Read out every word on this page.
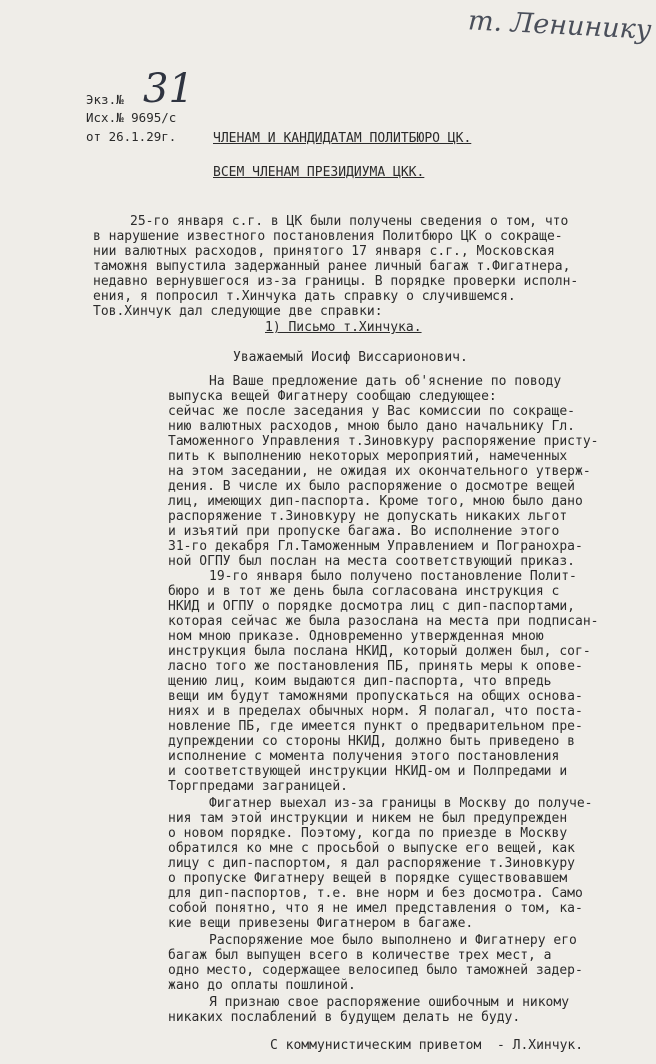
т. Ленинику
Экз.№ 31
Исх.№ 9695/с
от 26.1.29г.	ЧЛЕНАМ И КАНДИДАТАМ ПОЛИТБЮРО ЦК.
ВСЕМ ЧЛЕНАМ ПРЕЗИДИУМА ЦКК.
25-го января с.г. в ЦК были получены сведения о том, что
в нарушение известного постановления Политбюро ЦК о сокраще-
нии валютных расходов, принятого 17 января с.г., Московская
таможня выпустила задержанный ранее личный багаж т.Фигатнера,
недавно вернувшегося из-за границы. В порядке проверки исполн-
ения, я попросил т.Хинчука дать справку о случившемся.
Тов.Хинчук дал следующие две справки:
1) Письмо т.Хинчука.
Уважаемый Иосиф Виссарионович.
На Ваше предложение дать об'яснение по поводу
выпуска вещей Фигатнеру сообщаю следующее:
сейчас же после заседания у Вас комиссии по сокраще-
нию валютных расходов, мною было дано начальнику Гл.
Таможенного Управления т.Зиновкуру распоряжение присту-
пить к выполнению некоторых мероприятий, намеченных
на этом заседании, не ожидая их окончательного утверж-
дения. В числе их было распоряжение о досмотре вещей
лиц, имеющих дип-паспорта. Кроме того, мною было дано
распоряжение т.Зиновкуру не допускать никаких льгот
и изъятий при пропуске багажа. Во исполнение этого
31-го декабря Гл.Таможенным Управлением и Погранохра-
ной ОГПУ был послан на места соответствующий приказ.
19-го января было получено постановление Полит-
бюро и в тот же день была согласована инструкция с
НКИД и ОГПУ о порядке досмотра лиц с дип-паспортами,
которая сейчас же была разослана на места при подписан-
ном мною приказе. Одновременно утвержденная мною
инструкция была послана НКИД, который должен был, сог-
ласно того же постановления ПБ, принять меры к оповe-
щению лиц, коим выдаются дип-паспорта, что впредь
вещи им будут таможнями пропускаться на общих основа-
ниях и в пределах обычных норм. Я полагал, что поста-
новление ПБ, где имеется пункт о предварительном пре-
дупреждении со стороны НКИД, должно быть приведено в
исполнение с момента получения этого постановления
и соответствующей инструкции НКИД-ом и Полпредами и
Торгпредами заграницей.
Фигатнер выехал из-за границы в Москву до получе-
ния там этой инструкции и никем не был предупрежден
о новом порядке. Поэтому, когда по приезде в Москву
обратился ко мне с просьбой о выпуске его вещей, как
лицу с дип-паспортом, я дал распоряжение т.Зиновкуру
о пропуске Фигатнеру вещей в порядке существовавшем
для дип-паспортов, т.е. вне норм и без досмотра. Само
собой понятно, что я не имел представления о том, ка-
кие вещи привезены Фигатнером в багаже.
Распоряжение мое было выполнено и Фигатнеру его
багаж был выпущен всего в количестве трех мест, а
одно место, содержащее велосипед было таможней задер-
жано до оплаты пошлиной.
Я признаю свое распоряжение ошибочным и никому
никаких послаблений в будущем делать не буду.
С коммунистическим приветом  - Л.Хинчук.
